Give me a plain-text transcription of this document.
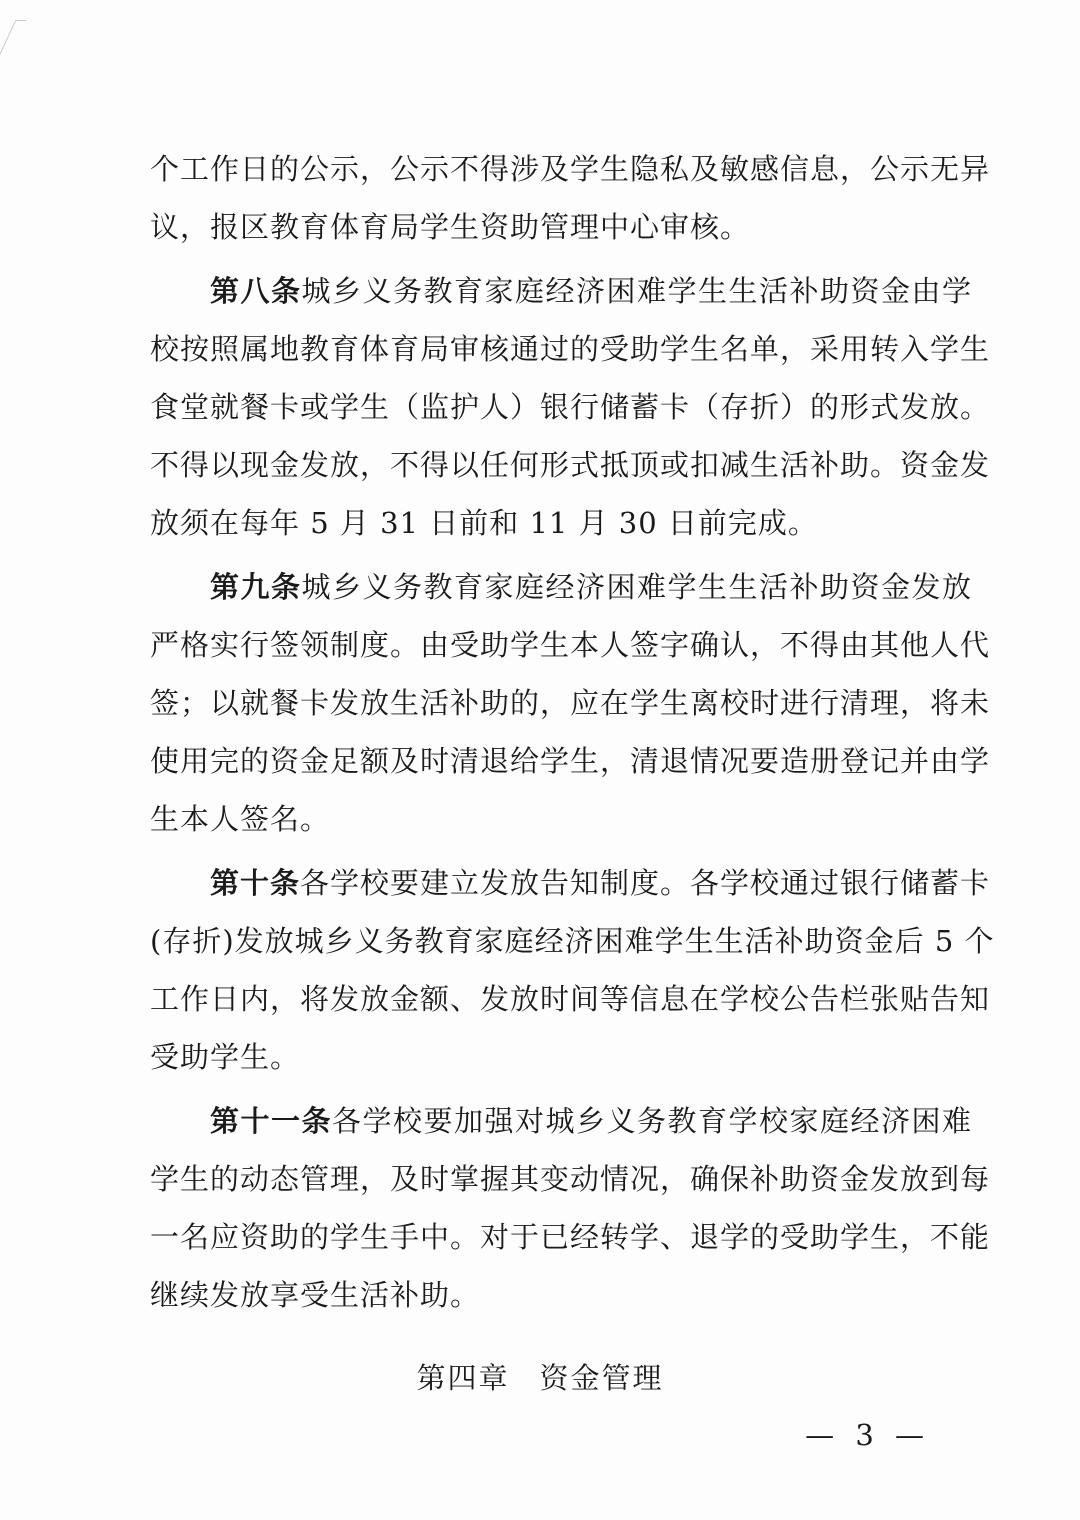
个工作日的公示，公示不得涉及学生隐私及敏感信息，公示无异
议，报区教育体育局学生资助管理中心审核。
第八条城乡义务教育家庭经济困难学生生活补助资金由学
校按照属地教育体育局审核通过的受助学生名单，采用转入学生
食堂就餐卡或学生（监护人）银行储蓄卡（存折）的形式发放。
不得以现金发放，不得以任何形式抵顶或扣减生活补助。资金发
放须在每年 5 月 31 日前和 11 月 30 日前完成。
第九条城乡义务教育家庭经济困难学生生活补助资金发放
严格实行签领制度。由受助学生本人签字确认，不得由其他人代
签；以就餐卡发放生活补助的，应在学生离校时进行清理，将未
使用完的资金足额及时清退给学生，清退情况要造册登记并由学
生本人签名。
第十条各学校要建立发放告知制度。各学校通过银行储蓄卡
(存折)发放城乡义务教育家庭经济困难学生生活补助资金后 5 个
工作日内，将发放金额、发放时间等信息在学校公告栏张贴告知
受助学生。
第十一条各学校要加强对城乡义务教育学校家庭经济困难
学生的动态管理，及时掌握其变动情况，确保补助资金发放到每
一名应资助的学生手中。对于已经转学、退学的受助学生，不能
继续发放享受生活补助。
第四章 资金管理
— 3 —
